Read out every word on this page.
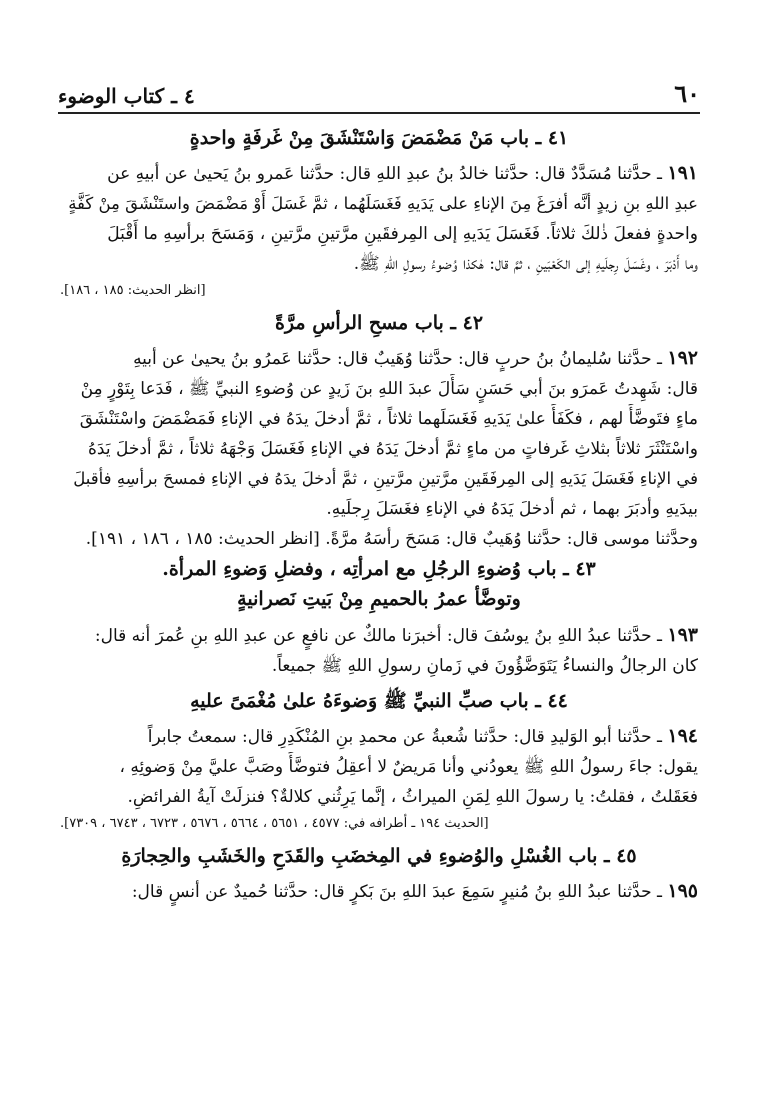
٦٠
٤ ـ كتاب الوضوء
٤١ ـ باب مَنْ مَضْمَضَ وَاسْتَنْشَقَ مِنْ غَرفَةٍ واحدةٍ
١٩١ ـ حدَّثنا مُسَدَّدٌ قال: حدَّثنا خالدُ بنُ عبدِ اللهِ قال: حدَّثنا عَمرو بنُ يَحيىٰ عن أبيهِ عن
عبدِ اللهِ بنِ زيدٍ أنَّه أفرَغَ مِنَ الإناءِ على يَدَيهِ فَغَسَلَهُما ، ثمَّ غَسَلَ أَوْ مَضْمَضَ واستَنْشَقَ مِنْ كَفَّةٍ
واحدةٍ ففعلَ ذٰلكَ ثلاثاً. فَغَسَلَ يَدَيهِ إلى المِرفقَينِ مرَّتينِ مرَّتينِ ، وَمَسَحَ برأسِهِ ما أَقْبَلَ
وما أَدْبَرَ ، وغَسَلَ رِجلَيهِ إلى الكَعْبَينِ ، ثمَّ قال: هٰكذا وُضوءُ رسولِ اللهِ ﷺ.
[انظر الحديث: ١٨٥ ، ١٨٦].
٤٢ ـ باب مسحِ الرأسِ مرَّةً
١٩٢ ـ حدَّثنا سُليمانُ بنُ حربٍ قال: حدَّثنا وُهَيبٌ قال: حدَّثنا عَمرُو بنُ يحيىٰ عن أبيهِ
قال: شَهِدتُ عَمرَو بنَ أبي حَسَنٍ سَأَلَ عبدَ اللهِ بنَ زَيدٍ عن وُضوءِ النبيِّ ﷺ ، فَدَعا بِتَوْرٍ مِنْ
ماءٍ فتَوضَّأَ لهم ، فكَفَأَ علىٰ يَدَيهِ فَغَسَلَهما ثلاثاً ، ثمَّ أدخلَ يدَهُ في الإناءِ فَمَضْمَضَ واسْتَنْشَقَ
واسْتَنْثَرَ ثلاثاً بثلاثِ غَرفاتٍ من ماءٍ ثمَّ أدخلَ يَدَهُ في الإناءِ فَغَسَلَ وَجْهَهُ ثلاثاً ، ثمَّ أدخلَ يَدَهُ
في الإناءِ فَغَسَلَ يَدَيهِ إلى المِرفَقَينِ مرَّتينِ مرَّتينِ ، ثمَّ أدخلَ يدَهُ في الإناءِ فمسحَ برأسِهِ فأقبلَ
بيدَيهِ وأدبَرَ بهما ، ثم أدخلَ يَدَهُ في الإناءِ فغَسَلَ رِجلَيهِ.
وحدَّثنا موسى قال: حدَّثنا وُهَيبٌ قال: مَسَحَ رأسَهُ مرَّةً. [انظر الحديث: ١٨٥ ، ١٨٦ ، ١٩١].
٤٣ ـ باب وُضوءِ الرجُلِ مع امرأتِه ، وفضلِ وَضوءِ المرأة.
وتوضَّأ عمرُ بالحميمِ مِنْ بَيتِ نَصرانيةٍ
١٩٣ ـ حدَّثنا عبدُ اللهِ بنُ يوسُفَ قال: أخبرَنا مالكٌ عن نافعٍ عن عبدِ اللهِ بنِ عُمرَ أنه قال:
كان الرجالُ والنساءُ يَتَوَضَّؤُونَ في زَمانِ رسولِ اللهِ ﷺ جميعاً.
٤٤ ـ باب صبِّ النبيِّ ﷺ وَضوءَهُ علىٰ مُغْمَىً عليهِ
١٩٤ ـ حدَّثنا أبو الوَليدِ قال: حدَّثنا شُعبةُ عن محمدِ بنِ المُنْكَدِرِ قال: سمعتُ جابراً
يقول: جاءَ رسولُ اللهِ ﷺ يعودُني وأنا مَريضٌ لا أعقِلُ فتوضَّأَ وصَبَّ عليَّ مِنْ وَضوئِهِ ،
فعَقَلتُ ، فقلتُ: يا رسولَ اللهِ لِمَنِ الميراثُ ، إنَّما يَرِثُني كلالةٌ؟ فنزلَتْ آيةُ الفرائضِ.
[الحديث ١٩٤ ـ أطرافه في: ٤٥٧٧ ، ٥٦٥١ ، ٥٦٦٤ ، ٥٦٧٦ ، ٦٧٢٣ ، ٦٧٤٣ ، ٧٣٠٩].
٤٥ ـ باب الغُسْلِ والوُضوءِ في المِخضَبِ والقَدَحِ والخَشَبِ والحِجارَةِ
١٩٥ ـ حدَّثنا عبدُ اللهِ بنُ مُنيرٍ سَمِعَ عبدَ اللهِ بنَ بَكرٍ قال: حدَّثنا حُميدٌ عن أنسٍ قال:
